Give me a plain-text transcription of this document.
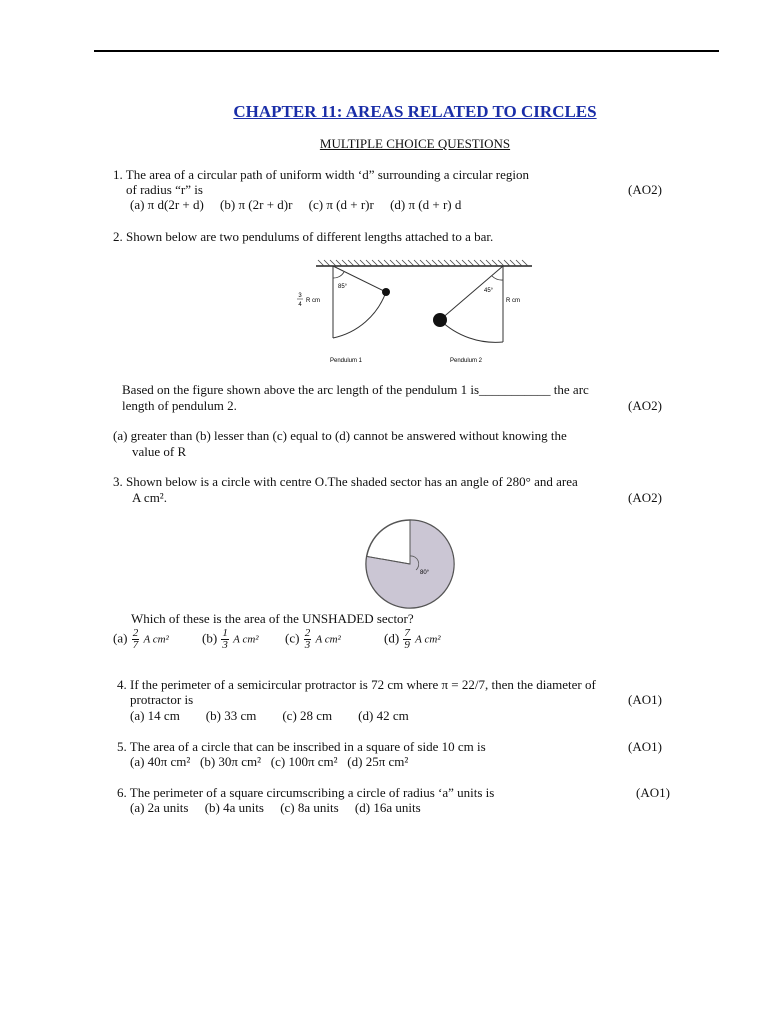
CHAPTER 11: AREAS RELATED TO CIRCLES
MULTIPLE CHOICE QUESTIONS
1. The area of a circular path of uniform width ‘d” surrounding a circular region
of radius “r” is
(a) π d(2r + d)     (b) π (2r + d)r     (c) π (d + r)r     (d) π (d + r) d
(AO2)
2. Shown below are two pendulums of different lengths attached to a bar.
85°
3
4
R cm
Pendulum 1
45°
R cm
Pendulum 2
Based on the figure shown above the arc length of the pendulum 1 is___________ the arc
length of pendulum 2.	(AO2)
(a) greater than (b) lesser than (c) equal to (d) cannot be answered without knowing the
value of R
3. Shown below is a circle with centre O.The shaded sector has an angle of 280° and area
A cm².	(AO2)
80°
Which of these is the area of the UNSHADED sector?
$(a) \frac{2}{7}$ A cm²	$(b) \frac{1}{3}$ A cm² $(c) \frac{2}{3}$ A cm²	$(d) \frac{7}{9}$ A cm²
4. If the perimeter of a semicircular protractor is 72 cm where π = 22/7, then the diameter of
protractor is	(AO1)
(a) 14 cm        (b) 33 cm        (c) 28 cm        (d) 42 cm
5. The area of a circle that can be inscribed in a square of side 10 cm is	(AO1)
(a) 40π cm²   (b) 30π cm²   (c) 100π cm²   (d) 25π cm²
6. The perimeter of a square circumscribing a circle of radius ‘a” units is	(AO1)
(a) 2a units     (b) 4a units     (c) 8a units     (d) 16a units
